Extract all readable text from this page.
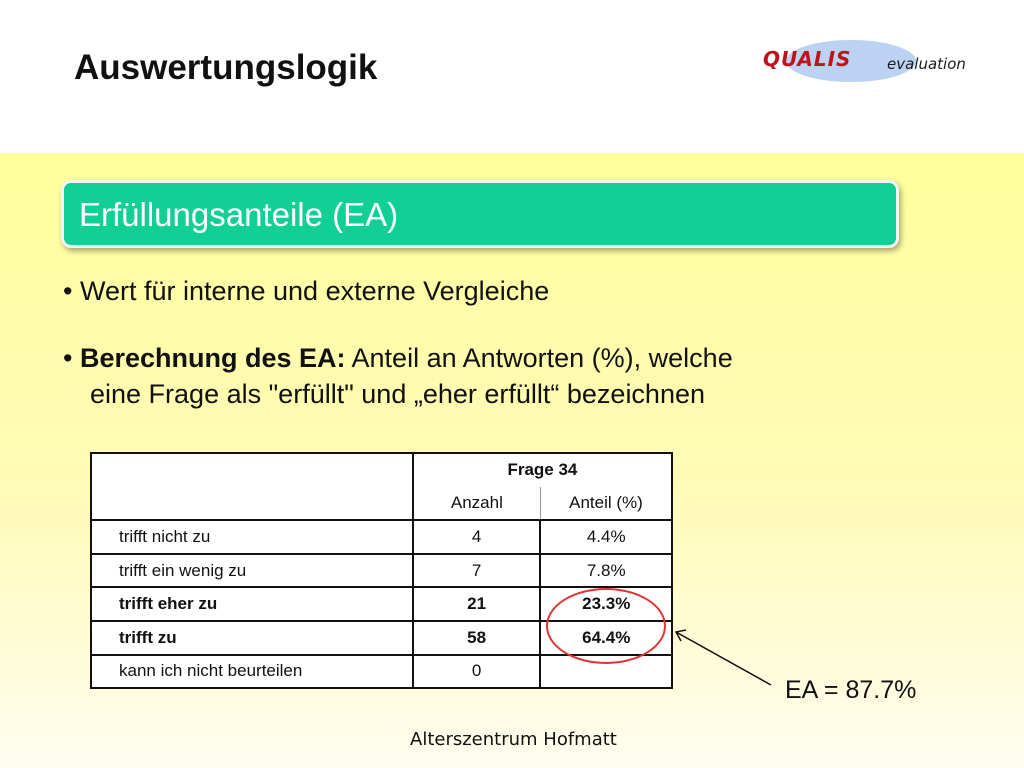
Auswertungslogik	QUALIS evaluation
Erfüllungsanteile (EA)
• Wert für interne und externe Vergleiche
• Berechnung des EA: Anteil an Antworten (%), welche
eine Frage als "erfüllt" und „eher erfüllt“ bezeichnen
	Frage 34	
	Anzahl	Anteil (%)
trifft nicht zu	4	4.4%
trifft ein wenig zu	7	7.8%
trifft eher zu	21	23.3%
trifft zu	58	64.4%
kann ich nicht beurteilen	0	
EA = 87.7%
Alterszentrum Hofmatt
